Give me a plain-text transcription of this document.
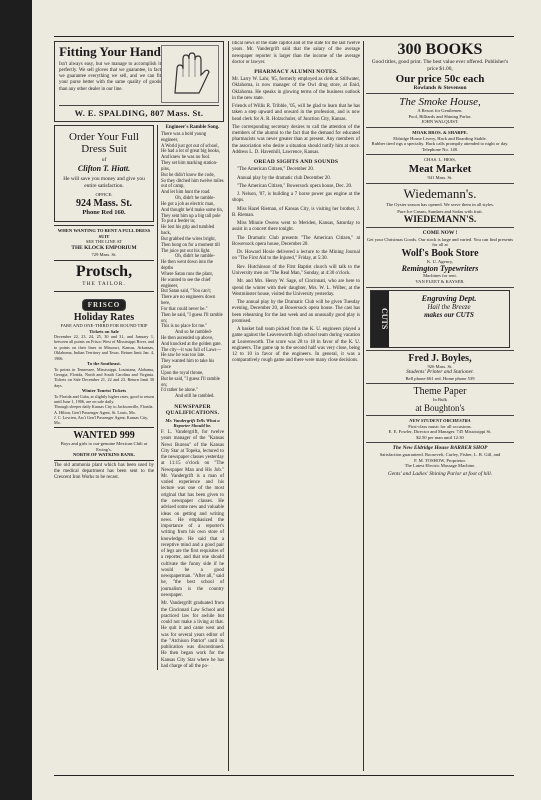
Fitting Your Hand
Isn't always easy, but we manage to accomplish it perfectly. We sell gloves that we guarantee, in fact we guarantee everything we sell, and we can fit your purse better with the same quality of goods than any other dealer in our line.
W. E. SPALDING, 807 Mass. St.
Order Your Full Dress Suit
of
Clifton T. Hiatt.
He will save you money and give you entire satisfaction.
OFFICE:
924 Mass. St.
Phone Red 160.
WHEN WANTING TO RENT A FULL DRESS SUIT
SEE THE LINE AT
THE KLOCK EMPORIUM
729 Mass. St.
Protsch,
THE TAILOR.
FRISCO
Holiday Rates
FARE AND ONE-THIRD FOR ROUND TRIP
Tickets on Sale
December 22, 23, 24, 25, 30 and 31, and January 1, between all points on Frisco West of Mississippi River, and to points on their lines in Missouri, Kansas, Arkansas, Oklahoma, Indian Territory and Texas. Return limit Jan. 4, 1906.
To the Southeast.
To points in Tennessee, Mississippi, Louisiana, Alabama, Georgia, Florida, North and South Carolina and Virginia. Tickets on Sale December 21, 22 and 23. Return limit 30 days.
Winter Tourist Tickets
To Florida and Cuba, at slightly higher rates, good to return until June 1, 1906, are on sale daily.
Through sleeper daily Kansas City to Jacksonville, Florida.
A. Hilton, Gen'l Passenger Agent, St. Louis, Mo.
J. C. Lovrien, Ass't Gen'l Passenger Agent, Kansas City, Mo.
WANTED 999
Boys and girls to out-genuine Mexican Chili at Ewing's.
NORTH OF WATKINS BANK.
The old ammonia plant which has been used by the medical department has been sent to the Crescent Iron Works to be recast.
Engineer's Ramble Song.
There was a bold young engineer,
A World just got out of school,
He had a lot of great big books,
And knew he was no fool.
They set him marking station-pins,
But he didn't know the code,
So they ditched him twelve miles out of camp,
And let him hunt the road.
Oh, didn't he ramble-
He got a job as electric man,
And thought he'd make some tin,
They sent him up a big tall pole
To put a feeder in;
He lost his grip and tumbled back,
But grabbed the wires bright,
Then hung on for a moment till
The juice put out his light.
Oh, didn't he ramble-
He then went down into the depths
Where Satan runs the plant,
He wanted to see the chief engineer,
But Satan said, "You can't;
There are no engineers down here,
For that could never be."
Then he said, "I guess I'll ramble on;
This is no place for me."
And so he rambled-
He then ascended up above,
And knocked at the golden gate.
The city—it was full of Laws—
He saw he was too late.
They wanted him to take his place
Upon the royal throne,
But he said, "I guess I'll ramble on;
I'd rather be alone."
And still he rambled.
NEWSPAPER QUALIFICATIONS.
Mr. Vandergrift Tells What a Reporter Should be.
F. L. Vandergrift, for twelve years manager of the "Kansas News Bureau" of the Kansas City Star at Topeka, lectured to the newspaper classes yesterday at 11:15 o'clock on "The Newspaper Man and His Job." Mr. Vandergrift is a man of varied experience and his lecture was one of the most original that has been given to the newspaper classes. He advised some new and valuable ideas on getting and writing news. He emphasized the importance of a reporter's writing from his own store of knowledge. He said that a receptive mind and a good pair of legs are the first requisites of a reporter, and that one should cultivate the funny side if he would be a good newspaperman. "After all," said he, "the best school of journalism is the country newspaper.
Mr. Vandergrift graduated from the Cincinnati Law School and practiced law for awhile but could not make a living at that. He quit it and came west and was for several years editor of the "Atchison Patriot" until its publication was discontinued. He then began work for the Kansas City Star where he has had charge of all the po-
litical news of the state capitol and of the state for the last twelve years. Mr. Vandergrift said that the salary of the average newspaper reporter is larger than the income of the average doctor or lawyer.
PHARMACY ALUMNI NOTES.
Mr. Larry W. Lahr, '05, formerly employed as clerk at Stillwater, Oklahoma, is now manager of the Owl drug store, at Enid, Oklahoma. He speaks in glowing terms of the business outlook in the new state.
Friends of Willis R. Tribble, '05, will be glad to learn that he has taken a step upward and onward in the profession, and is now head clerk for A. R. Holzschuler, of Junction City, Kansas.
The corresponding secretary desires to call the attention of the members of the alumni to the fact that the demand for educated pharmacists was never greater than at present. Any members of the association who desire a situation should notify him at once. Address L. D. Havenhill, Lawrence, Kansas.
OREAD SIGHTS AND SOUNDS
"The American Citizen," December 20.
Annual play by the dramatic club December 20.
"The American Citizen," Bowersock opera house, Dec. 20.
J. Nelson, '07, is building a 7 horse power gas engine at the shops.
Miss Hazel Rieman, of Kansas City, is visiting her brother, J. B. Rieman.
Miss Minnie Owens went to Meriden, Kansas, Saturday to assist in a concert there tonight.
The Dramatic Club presents "The American Citizen," at Bowersock opera house, December 20.
Dr. Howard Hoxie delivered a lecture to the Mining Journal on "The First Aid to the Injured," Friday, at 5:30.
Rev. Hutchinson of the First Baptist church will talk to the University men on "The Real Man," Sunday, at 4:30 o'clock.
Mr. and Mrs. Henry W. Sage, of Cincinnati, who are here to spend the winter with their daughter, Mrs. W. L. Wilber, at the Westminster house, visited the University yesterday.
The annual play by the Dramatic Club will be given Tuesday evening, December 20, at Bowersock opera house. The cast has been rehearsing for the last week and an unusually good play is promised.
A basket ball team picked from the K. U. engineers played a game against the Leavenworth high school team during vacation at Leavenworth. The score was 28 to 18 in favor of the K. U. engineers. The game up to the second half was very close, being 12 to 10 in favor of the engineers. In general, it was a comparatively rough game and there were many close decisions.
300 BOOKS
Good titles, good print. The best value ever offered. Publisher's price $1.00,
Our price 50c each
Rowlands & Stevenson
The Smoke House,
A Resort for Gentlemen.
Pool, Billiards and Shining Parlor.
JOHN WALQUIST.
MOAK BROS. & SHARPE.
Eldridge House Livery, Hack and Boarding Stable.
Rubber tired rigs a specialty. Hack calls promptly attended to night or day. Telephone No. 148.
CHAS. L. HESS,
Meat Market
941 Mass. St.
Wiedemann's.
The Oyster season has opened. We serve them in all styles.
Pure Ice Cream, Sundaes and Sodas with fruit.
WIEDEMANN'S.
COME NOW !
Get your Christmas Goods. Our stock is large and varied. You can find presents for all at
Wolf's Book Store
K. U. Agency,
Remington Typewriters
Machines for rent.
VAN FLEET & KAYSER.
CUTS
Engraving Dept.
Hail the Breeze
makes our CUTS
Fred J. Boyles,
926 Mass. St.
Students' Printer and Stationer.
Bell phone 661 red. Home phone 539
Theme Paper
In Bulk
at Boughton's
NEW STUDENT ORCHESTRA
First-class music for all occasions.
E. E. Fowler, Director and Manager. 745 Mississippi St.
$2.50 per man until 12:30
The New Eldridge House BARBER SHOP
Satisfaction guaranteed. Roosevelt, Curley, Fisher, L. R. Gill, and
F. M. TOSHOW, Proprietor.
The Latest Electric Massage Machine.
Gents' and Ladies' Shining Parlor at foot of hill.
